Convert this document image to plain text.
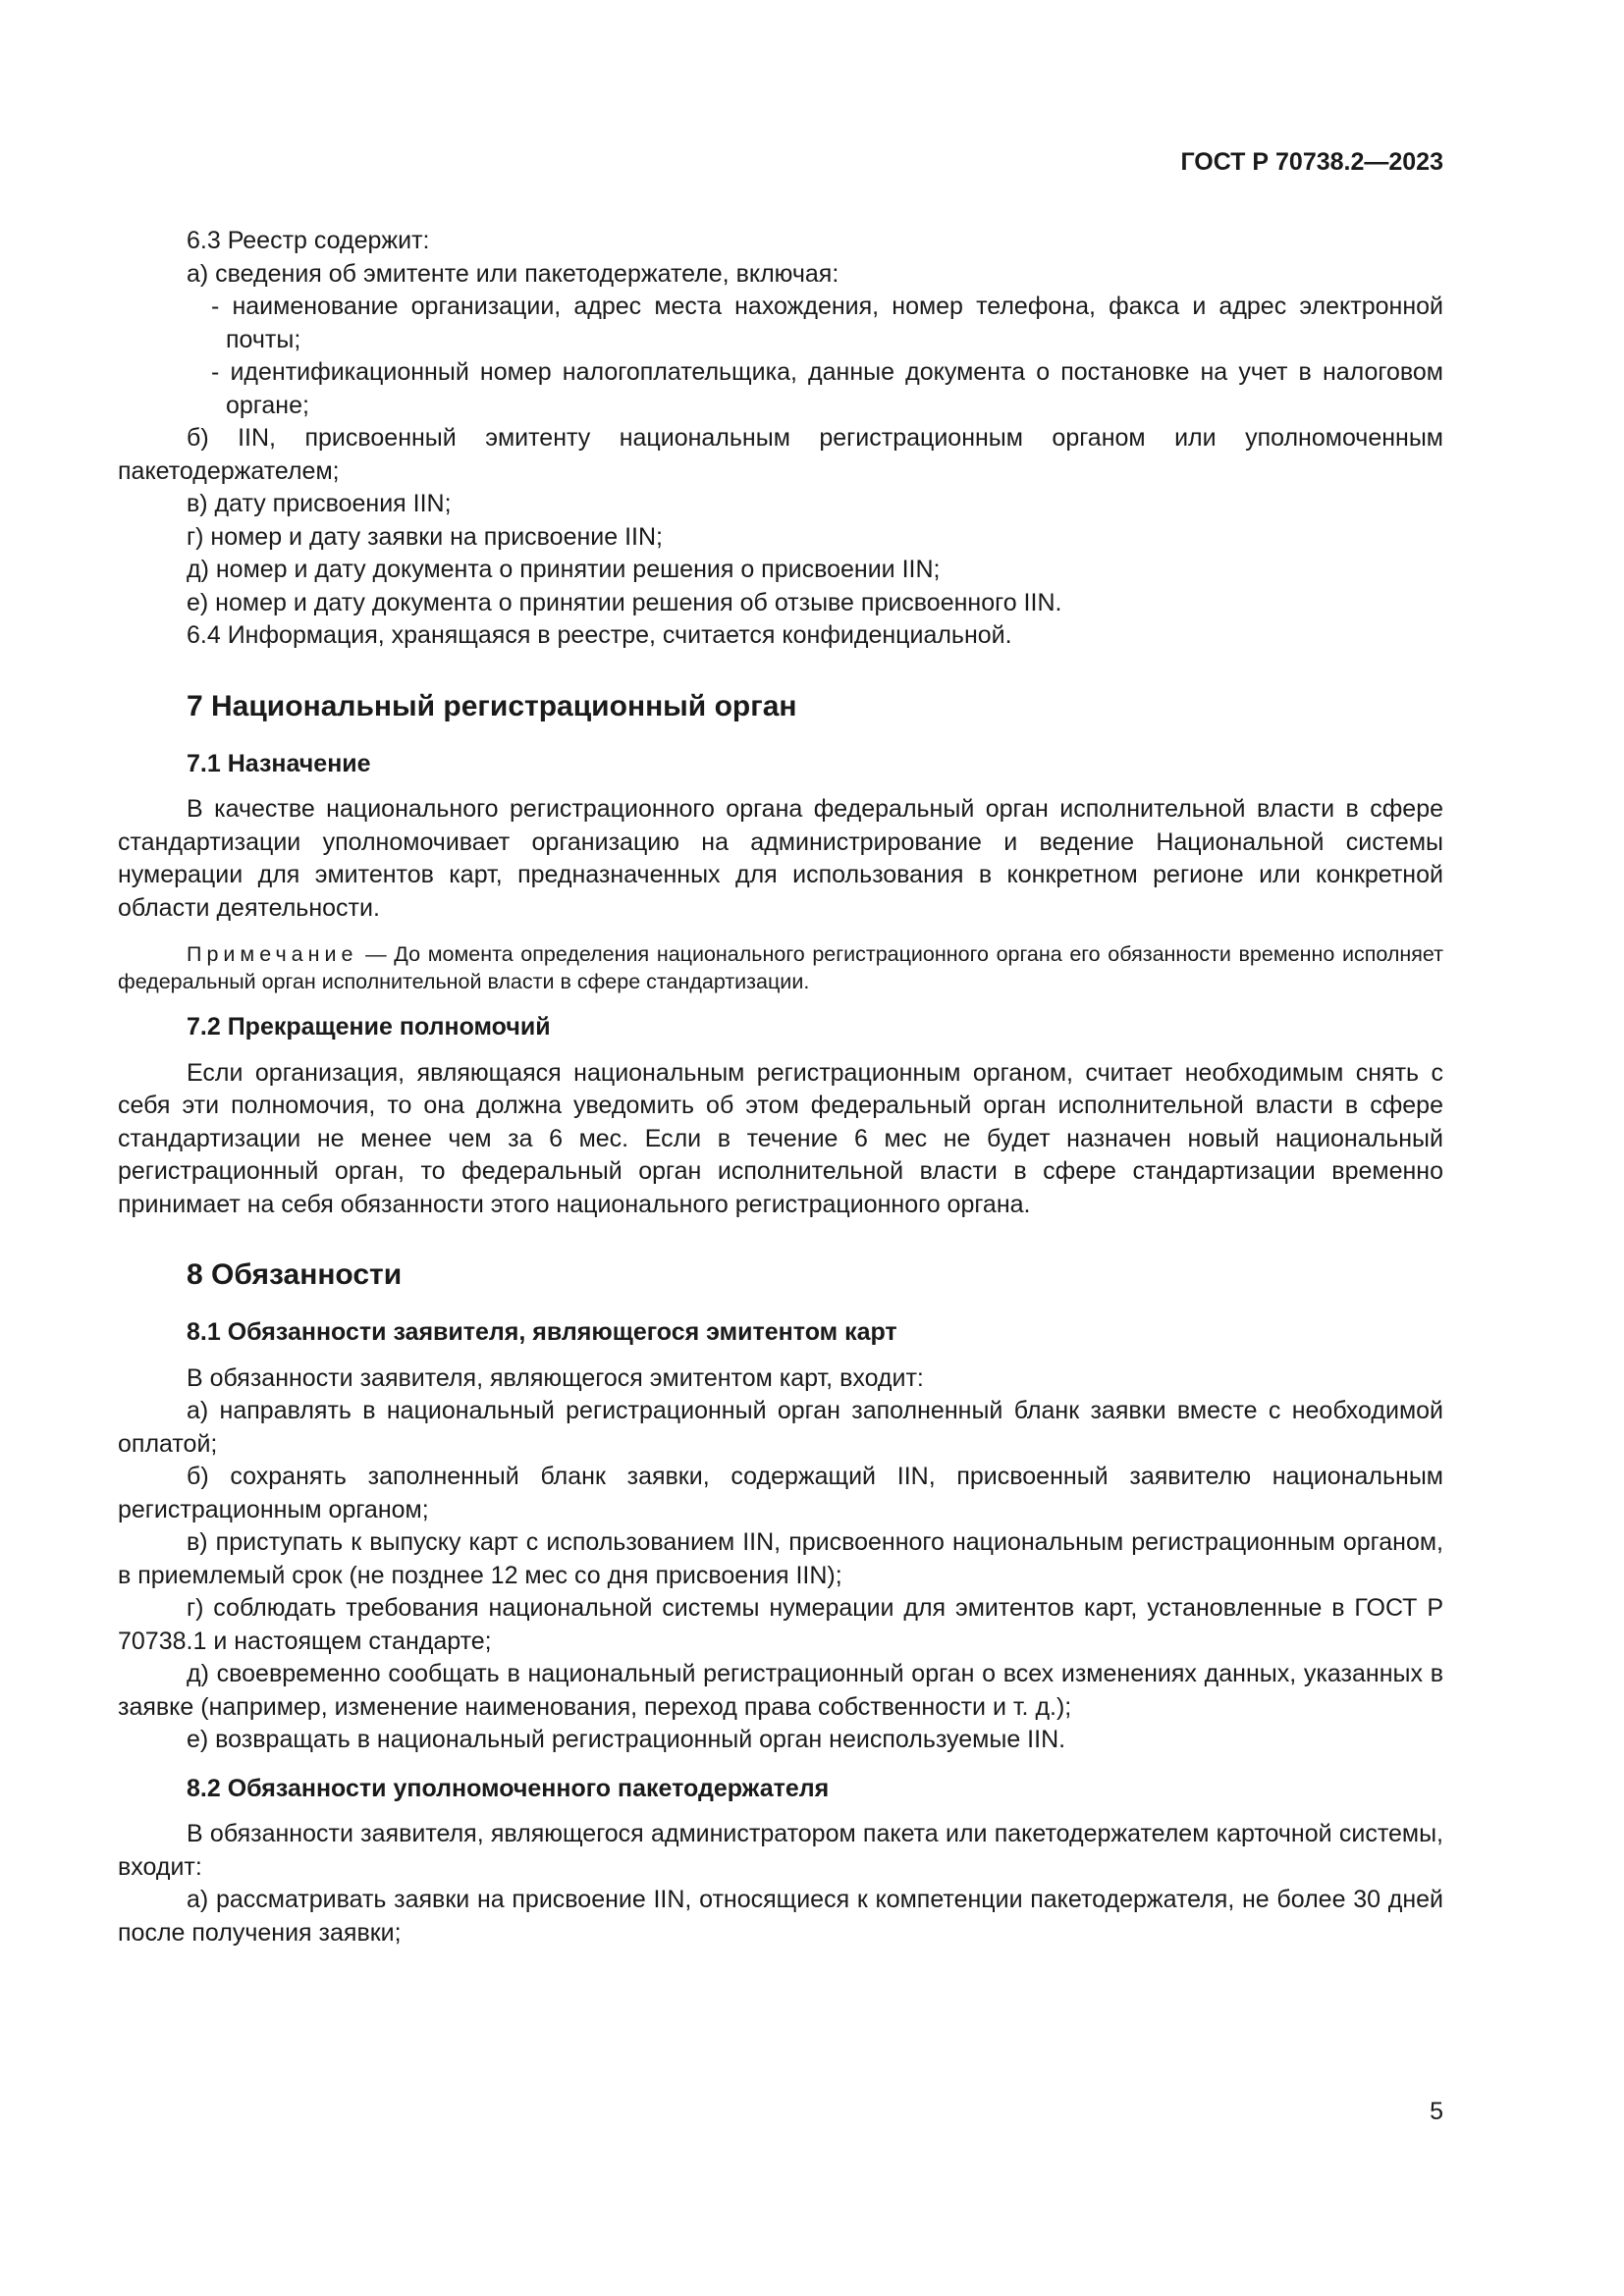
ГОСТ Р 70738.2—2023

6.3 Реестр содержит:

а) сведения об эмитенте или пакетодержателе, включая:

- наименование организации, адрес места нахождения, номер телефона, факса и адрес электронной почты;

- идентификационный номер налогоплательщика, данные документа о постановке на учет в налоговом органе;

б) IIN, присвоенный эмитенту национальным регистрационным органом или уполномоченным пакетодержателем;

в) дату присвоения IIN;

г) номер и дату заявки на присвоение IIN;

д) номер и дату документа о принятии решения о присвоении IIN;

е) номер и дату документа о принятии решения об отзыве присвоенного IIN.

6.4 Информация, хранящаяся в реестре, считается конфиденциальной.

7 Национальный регистрационный орган

7.1 Назначение

В качестве национального регистрационного органа федеральный орган исполнительной власти в сфере стандартизации уполномочивает организацию на администрирование и ведение Национальной системы нумерации для эмитентов карт, предназначенных для использования в конкретном регионе или конкретной области деятельности.

Примечание — До момента определения национального регистрационного органа его обязанности временно исполняет федеральный орган исполнительной власти в сфере стандартизации.

7.2 Прекращение полномочий

Если организация, являющаяся национальным регистрационным органом, считает необходимым снять с себя эти полномочия, то она должна уведомить об этом федеральный орган исполнительной власти в сфере стандартизации не менее чем за 6 мес. Если в течение 6 мес не будет назначен новый национальный регистрационный орган, то федеральный орган исполнительной власти в сфере стандартизации временно принимает на себя обязанности этого национального регистрационного органа.

8 Обязанности

8.1 Обязанности заявителя, являющегося эмитентом карт

В обязанности заявителя, являющегося эмитентом карт, входит:

а) направлять в национальный регистрационный орган заполненный бланк заявки вместе с необходимой оплатой;

б) сохранять заполненный бланк заявки, содержащий IIN, присвоенный заявителю национальным регистрационным органом;

в) приступать к выпуску карт с использованием IIN, присвоенного национальным регистрационным органом, в приемлемый срок (не позднее 12 мес со дня присвоения IIN);

г) соблюдать требования национальной системы нумерации для эмитентов карт, установленные в ГОСТ Р 70738.1 и настоящем стандарте;

д) своевременно сообщать в национальный регистрационный орган о всех изменениях данных, указанных в заявке (например, изменение наименования, переход права собственности и т. д.);

е) возвращать в национальный регистрационный орган неиспользуемые IIN.

8.2 Обязанности уполномоченного пакетодержателя

В обязанности заявителя, являющегося администратором пакета или пакетодержателем карточной системы, входит:

а) рассматривать заявки на присвоение IIN, относящиеся к компетенции пакетодержателя, не более 30 дней после получения заявки;

5
